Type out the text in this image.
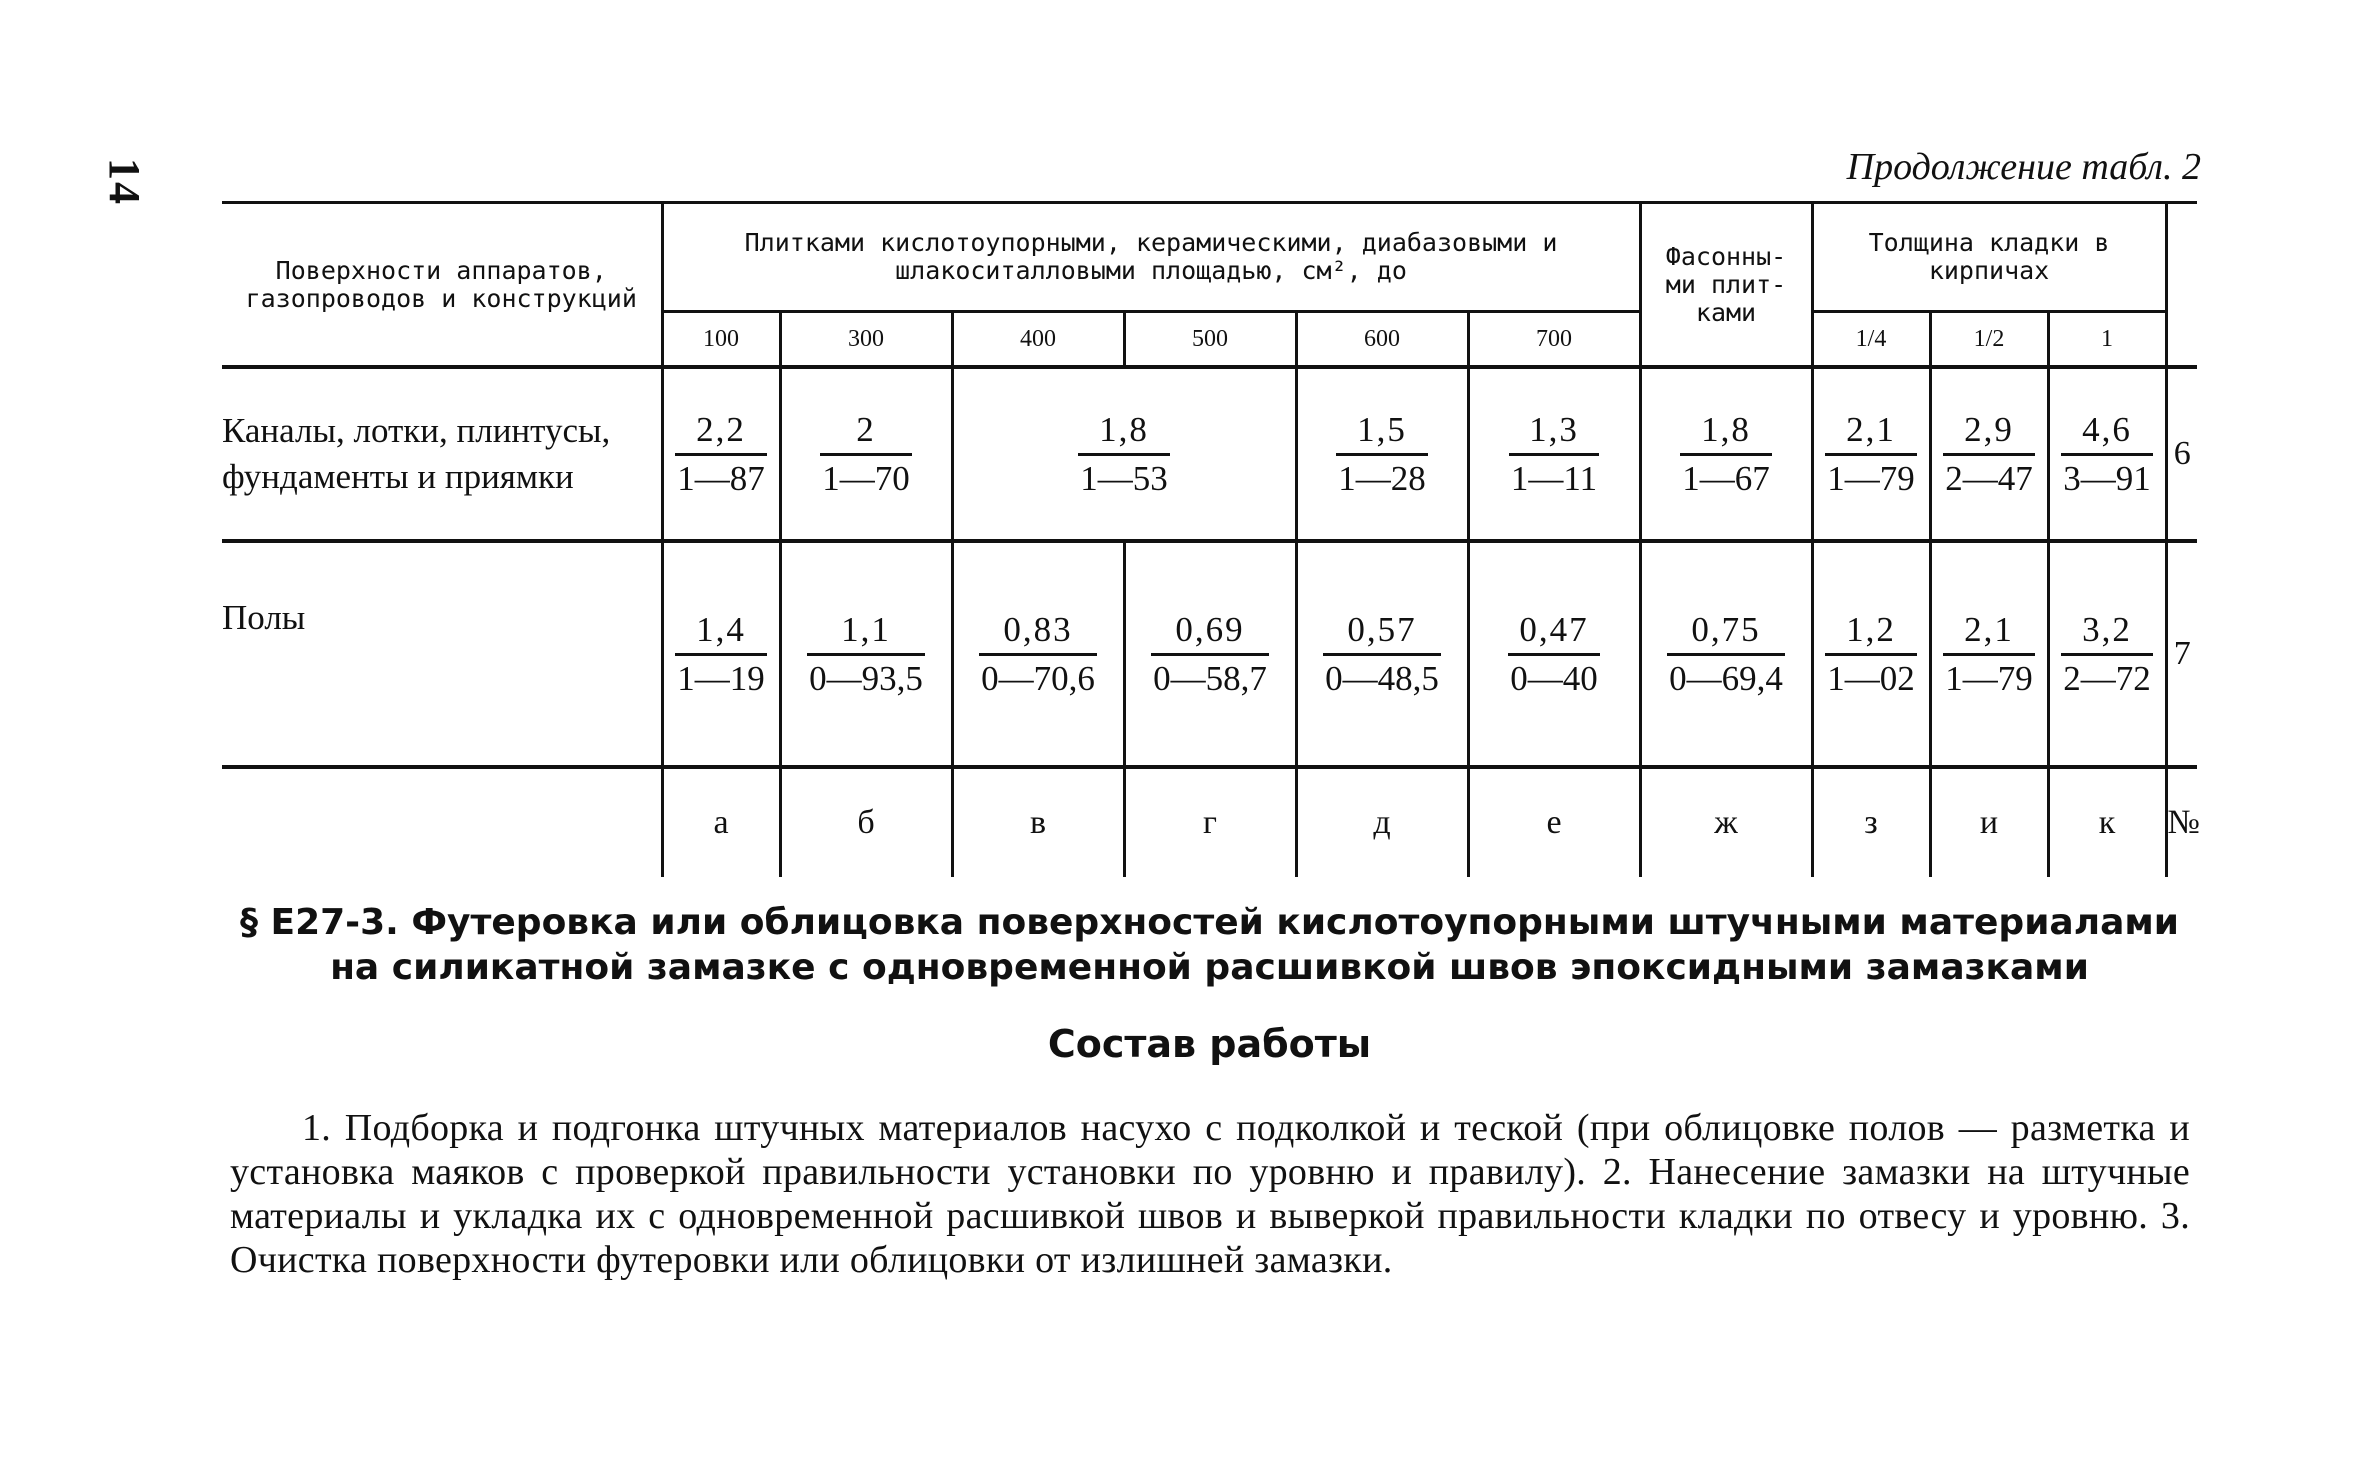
14	Продолжение табл. 2
Поверхности аппаратов, газопроводов и конструкций	Плитками кислотоупорными, керамическими, диабазовыми и шлакоситалловыми площадью, см², до						Фасонны-ми плит-ками	Толщина кладки в кирпичах			
	100	300	400	500	600	700		1/4	1/2	1	
Каналы, лотки, плинтусы, фундаменты и приямки	$\frac{2,2}{1—87}$	$\frac{2}{1—70}$	$\frac{1,8}{1—53}$		$\frac{1,5}{1—28}$	$\frac{1,3}{1—11}$	$\frac{1,8}{1—67}$	$\frac{2,1}{1—79}$	$\frac{2,9}{2—47}$	$\frac{4,6}{3—91}$	6
Полы	$\frac{1,4}{1—19}$	$\frac{1,1}{0—93,5}$	$\frac{0,83}{0—70,6}$	$\frac{0,69}{0—58,7}$	$\frac{0,57}{0—48,5}$	$\frac{0,47}{0—40}$	$\frac{0,75}{0—69,4}$	$\frac{1,2}{1—02}$	$\frac{2,1}{1—79}$	$\frac{3,2}{2—72}$	7
	а	б	в	г	д	е	ж	з	и	к	№
§ Е27-3. Футеровка или облицовка поверхностей кислотоупорными штучными материалами на силикатной замазке с одновременной расшивкой швов эпоксидными замазками
Состав работы
1. Подборка и подгонка штучных материалов насухо с подколкой и теской (при облицовке полов — разметка и установка маяков с проверкой правильности установки по уровню и правилу). 2. Нанесение замазки на штучные материалы и укладка их с одновременной расшивкой швов и выверкой правильности кладки по отвесу и уровню. 3. Очистка поверхности футеровки или облицовки от излишней замазки.
